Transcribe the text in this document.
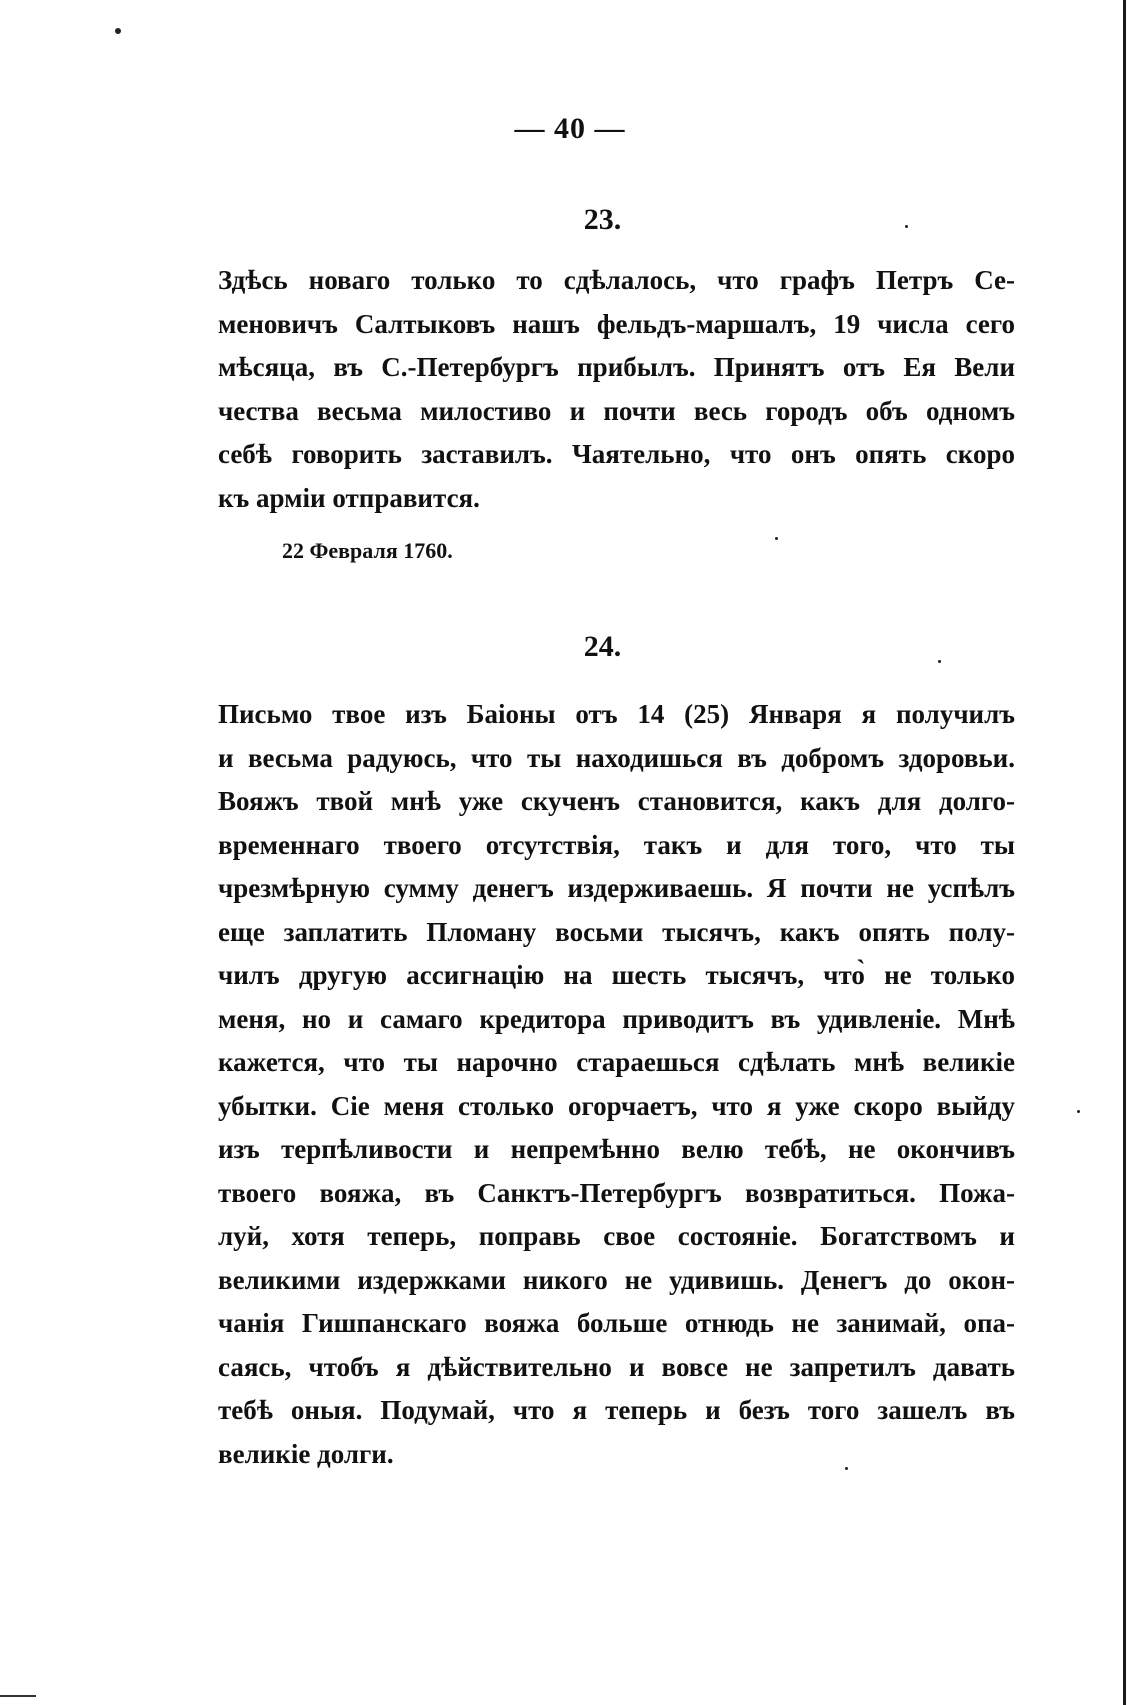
— 40 —
23.
Здѣсь новаго только то сдѣлалось, что графъ Петръ Се-
меновичъ Салтыковъ нашъ фельдъ-маршалъ, 19 числа сего
мѣсяца, въ С.-Петербургъ прибылъ. Принятъ отъ Ея Вели
чества весьма милостиво и почти весь городъ объ одномъ
себѣ говорить заставилъ. Чаятельно, что онъ опять скоро
къ арміи отправится.
22 Февраля 1760.
24.
Письмо твое изъ Баіоны отъ 14 (25) Января я получилъ
и весьма радуюсь, что ты находишься въ добромъ здоровьи.
Вояжъ твой мнѣ уже скученъ становится, какъ для долго-
временнаго твоего отсутствія, такъ и для того, что ты
чрезмѣрную сумму денегъ издерживаешь. Я почти не успѣлъ
еще заплатить Пломану восьми тысячъ, какъ опять полу-
чилъ другую ассигнацію на шесть тысячъ, что̀ не только
меня, но и самаго кредитора приводитъ въ удивленіе. Мнѣ
кажется, что ты нарочно стараешься сдѣлать мнѣ великіе
убытки. Сіе меня столько огорчаетъ, что я уже скоро выйду
изъ терпѣливости и непремѣнно велю тебѣ, не окончивъ
твоего вояжа, въ Санктъ-Петербургъ возвратиться. Пожа-
луй, хотя теперь, поправь свое состояніе. Богатствомъ и
великими издержками никого не удивишь. Денегъ до окон-
чанія Гишпанскаго вояжа больше отнюдь не занимай, опа-
саясь, чтобъ я дѣйствительно и вовсе не запретилъ давать
тебѣ оныя. Подумай, что я теперь и безъ того зашелъ въ
великіе долги.
